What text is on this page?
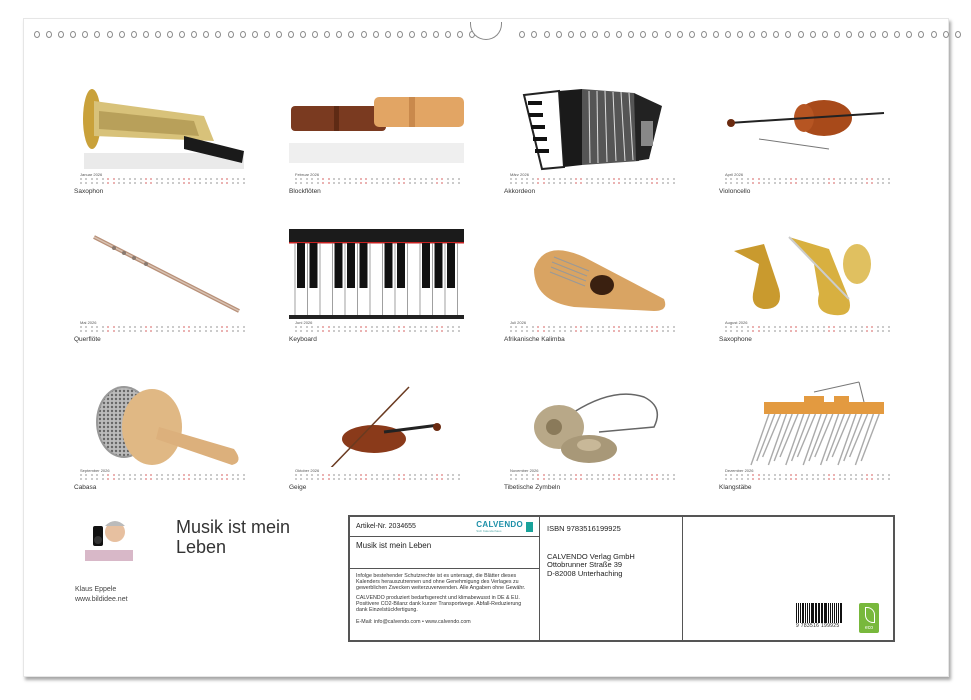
Januar 2026
Saxophon
Februar 2026
Blockflöten
März 2026
Akkordeon
April 2026
Violoncello
Mai 2026
Querflöte
Juni 2026
Keyboard
Juli 2026
Afrikanische Kalimba
August 2026
Saxophone
September 2026
Cabasa
Oktober 2026
Geige
November 2026
Tibetische Zymbeln
Dezember 2026
Klangstäbe
Musik ist mein Leben
Klaus Eppele
www.bildidee.net
Artikel-Nr. 2034655	CALVENDO
Sich Kalenderhaus
Musik ist mein Leben

Infolge bestehender Schutzrechte ist es untersagt, die Blätter dieses Kalenders herauszutrennen und ohne Genehmigung des Verlages zu gewerblichen Zwecken weiterzuverwenden. Alle Angaben ohne Gewähr.

CALVENDO produziert bedarfsgerecht und klimabewusst in DE & EU. Positivere CO2-Bilanz dank kurzer Transportwege. Abfall-Reduzierung dank Einzelstückfertigung.

E-Mail: info@calvendo.com • www.calvendo.com

ISBN 9783516199925
CALVENDO Verlag GmbH
Ottobrunner Straße 39
D-82008 Unterhaching
9 783516 199925	eco
